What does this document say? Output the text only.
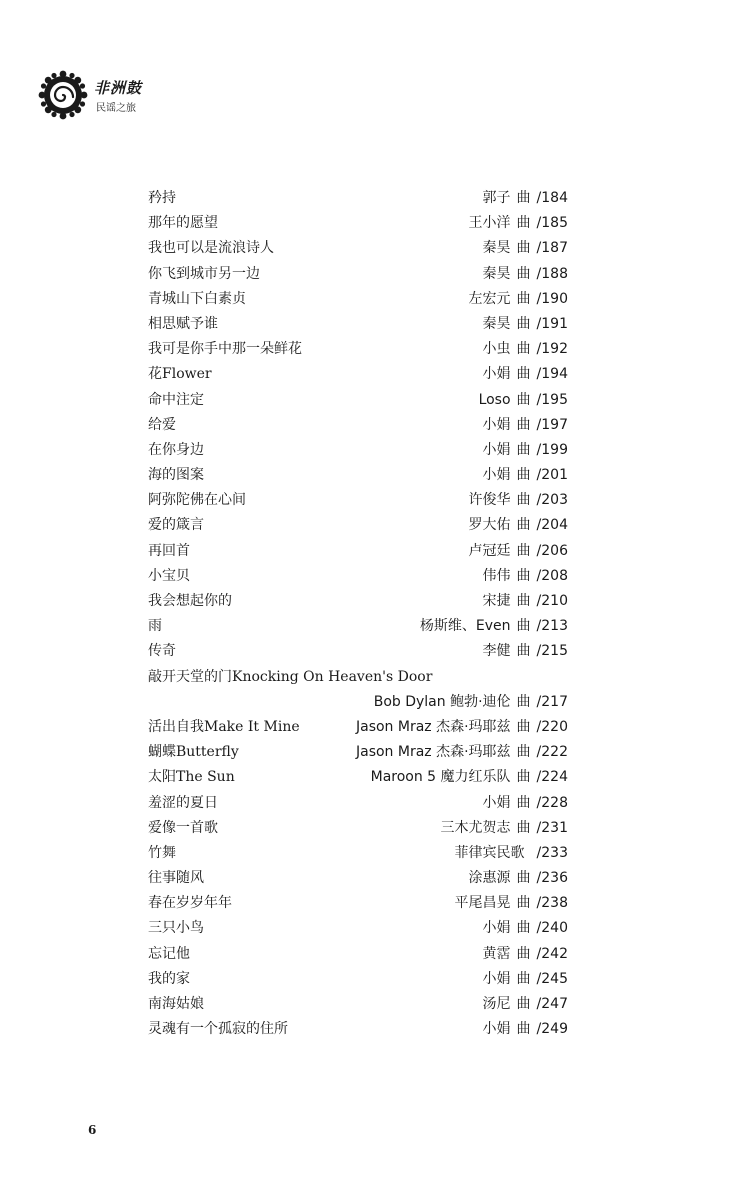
非洲鼓
民谣之旅
矜持	郭子 曲 /184
那年的愿望	王小洋 曲 /185
我也可以是流浪诗人	秦昊 曲 /187
你飞到城市另一边	秦昊 曲 /188
青城山下白素贞	左宏元 曲 /190
相思赋予谁	秦昊 曲 /191
我可是你手中那一朵鲜花	小虫 曲 /192
花Flower	小娟 曲 /194
命中注定	Loso 曲 /195
给爱	小娟 曲 /197
在你身边	小娟 曲 /199
海的图案	小娟 曲 /201
阿弥陀佛在心间	许俊华 曲 /203
爱的箴言	罗大佑 曲 /204
再回首	卢冠廷 曲 /206
小宝贝	伟伟 曲 /208
我会想起你的	宋捷 曲 /210
雨	杨斯维、Even 曲 /213
传奇	李健 曲 /215
敲开天堂的门Knocking On Heaven's Door
Bob Dylan 鲍勃·迪伦 曲 /217
活出自我Make It Mine	Jason Mraz 杰森·玛耶兹 曲 /220
蝴蝶Butterfly	Jason Mraz 杰森·玛耶兹 曲 /222
太阳The Sun	Maroon 5 魔力红乐队 曲 /224
羞涩的夏日	小娟 曲 /228
爱像一首歌	三木尤贺志 曲 /231
竹舞	菲律宾民歌 /233
往事随风	涂惠源 曲 /236
春在岁岁年年	平尾昌晃 曲 /238
三只小鸟	小娟 曲 /240
忘记他	黄霑 曲 /242
我的家	小娟 曲 /245
南海姑娘	汤尼 曲 /247
灵魂有一个孤寂的住所	小娟 曲 /249
6
